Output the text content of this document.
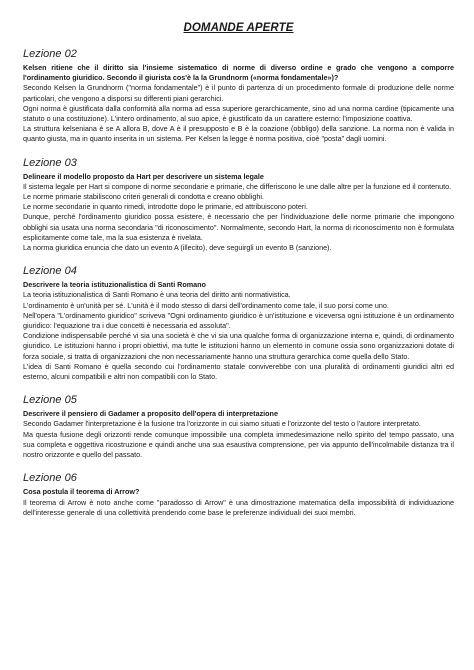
DOMANDE APERTE
Lezione 02

Kelsen ritiene che il diritto sia l'insieme sistematico di norme di diverso ordine e grado che vengono a comporre l'ordinamento giuridico. Secondo il giurista cos'è la la Grundnorm («norma fondamentale»)?

Secondo Kelsen la Grundnorm ("norma fondamentale") è il punto di partenza di un procedimento formale di produzione delle norme particolari, che vengono a disporsi su differenti piani gerarchici.

Ogni norma è giustificata dalla conformità alla norma ad essa superiore gerarchicamente, sino ad una norma cardine (tipicamente una statuto o una costituzione). L'intero ordinamento, al suo apice, è giustificato da un carattere esterno: l'imposizione coattiva.

La struttura kelseniana è se A allora B, dove A è il presupposto e B è la coazione (obbligo) della sanzione. La norma non è valida in quanto giusta, ma in quanto inserita in un sistema. Per Kelsen la legge è norma positiva, cioè "posta" dagli uomini.

Lezione 03

Delineare il modello proposto da Hart per descrivere un sistema legale

Il sistema legale per Hart si compone di norme secondarie e primarie, che differiscono le une dalle altre per la funzione ed il contenuto.

Le norme primarie stabiliscono criteri generali di condotta e creano obblighi.

Le norme secondarie in quanto rimedi, introdotte dopo le primarie, ed attribuiscono poteri.

Dunque, perché l'ordinamento giuridico possa esistere, è necessario che per l'individuazione delle norme primarie che impongono obblighi sia usata una norma secondaria "di riconoscimento". Normalmente, secondo Hart, la norma di riconoscimento non è formulata esplicitamente come tale, ma la sua esistenza è rivelata.

La norma giuridica enuncia che dato un evento A (illecito), deve seguirgli un evento B (sanzione).

Lezione 04

Descrivere la teoria istituzionalistica di Santi Romano

La teoria istituzionalistica di Santi Romano è una teoria del diritto anti normativistica.

L'ordinamento è un'unità per sé. L'unità è il modo stesso di darsi dell'ordinamento come tale, il suo porsi come uno.

Nell'opera "L'ordinamento giuridico" scriveva "Ogni ordinamento giuridico è un'istituzione e viceversa ogni istituzione è un ordinamento giuridico: l'equazione tra i due concetti è necessaria ed assoluta".

Condizione indispensabile perché vi sia una società è che vi sia una qualche forma di organizzazione interna e, quindi, di ordinamento giuridico. Le istituzioni hanno i propri obiettivi, ma tutte le istituzioni hanno un elemento in comune ossia sono organizzazioni dotate di forza sociale, si tratta di organizzazioni che non necessariamente hanno una struttura gerarchica come quella dello Stato.

L'idea di Santi Romano è quella secondo cui l'ordinamento statale conviverebbe con una pluralità di ordinamenti giuridici altri ed esterno, alcuni compatibili e altri non compatibili con lo Stato.

Lezione 05

Descrivere il pensiero di Gadamer a proposito dell'opera di interpretazione

Secondo Gadamer l'interpretazione è la fusione tra l'orizzonte in cui siamo situati e l'orizzonte del testo o l'autore interpretato.

Ma questa fusione degli orizzonti rende comunque impossibile una completa immedesimazione nello spirito del tempo passato, una sua completa e oggettiva ricostruzione e quindi anche una sua esaustiva comprensione, per via appunto dell'incolmabile distanza tra il nostro orizzonte e quello del passato.

Lezione 06

Cosa postula il teorema di Arrow?

Il teorema di Arrow è noto anche come "paradosso di Arrow" è una dimostrazione matematica della impossibilità di individuazione dell'interesse generale di una collettività prendendo come base le preferenze individuali dei suoi membri.
